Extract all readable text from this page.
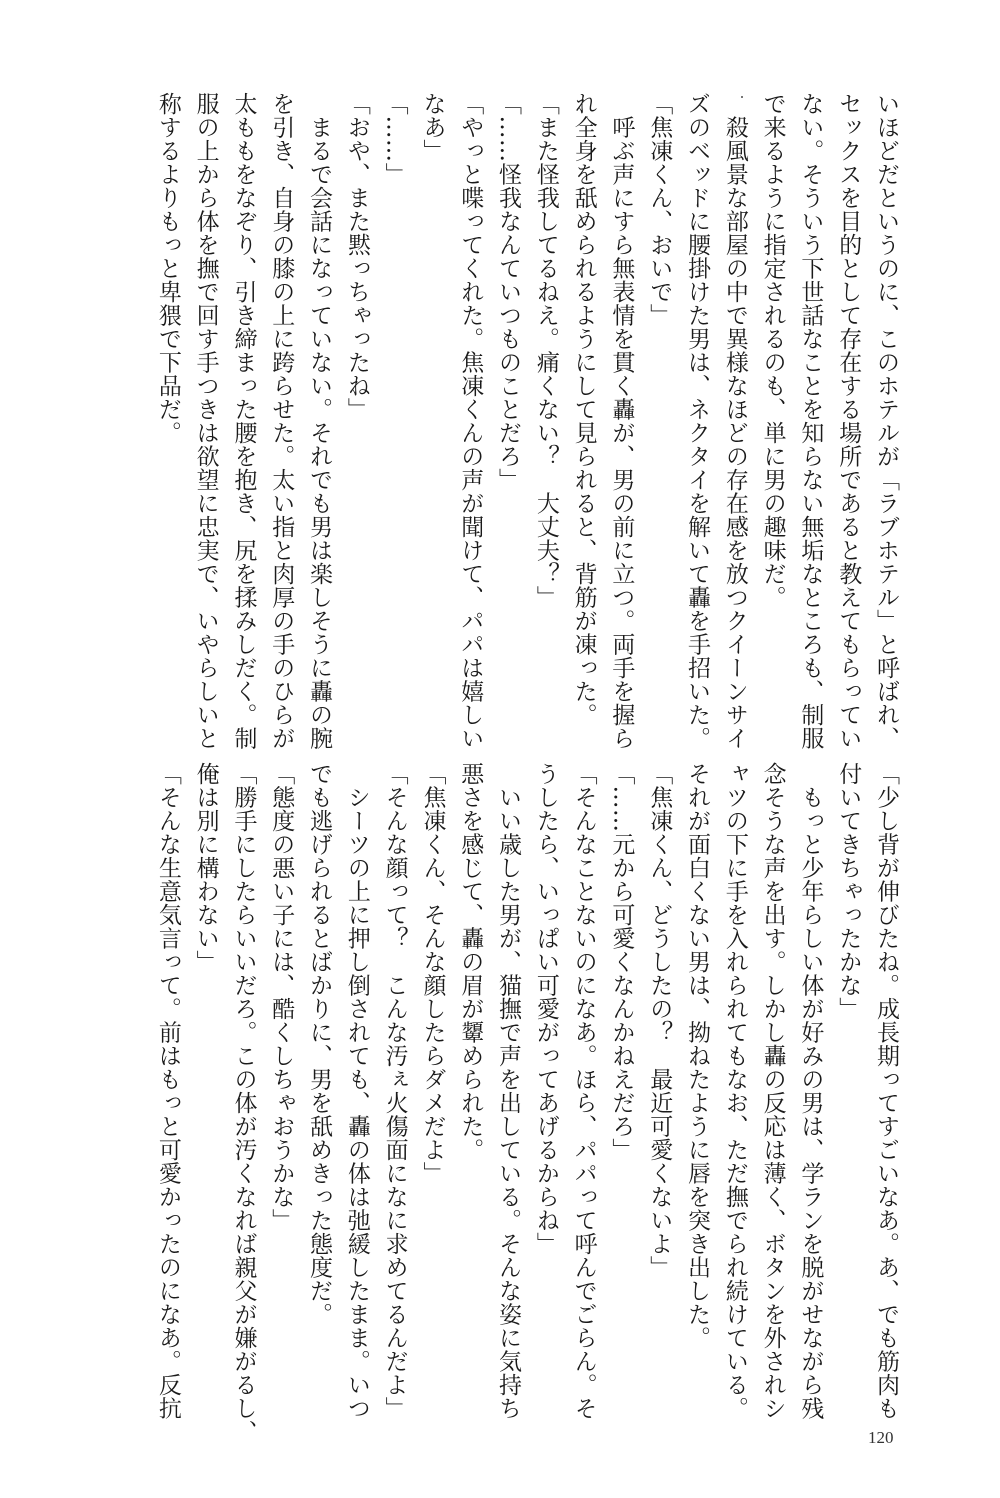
いほどだというのに、このホテルが「ラブホテル」と呼ばれ、
セックスを目的として存在する場所であると教えてもらってい
ない。そういう下世話なことを知らない無垢なところも、制服
で来るように指定されるのも、単に男の趣味だ。
　殺風景な部屋の中で異様なほどの存在感を放つクイーンサイ
ズのベッドに腰掛けた男は、ネクタイを解いて轟を手招いた。
「焦凍くん、おいで」
　呼ぶ声にすら無表情を貫く轟が、男の前に立つ。両手を握ら
れ全身を舐められるようにして見られると、背筋が凍った。
「また怪我してるねえ。痛くない？　大丈夫？」
「……怪我なんていつものことだろ」
「やっと喋ってくれた。焦凍くんの声が聞けて、パパは嬉しい
なあ」
「……」
「おや、また黙っちゃったね」
　まるで会話になっていない。それでも男は楽しそうに轟の腕
を引き、自身の膝の上に跨らせた。太い指と肉厚の手のひらが
太ももをなぞり、引き締まった腰を抱き、尻を揉みしだく。制
服の上から体を撫で回す手つきは欲望に忠実で、いやらしいと
称するよりもっと卑猥で下品だ。
「少し背が伸びたね。成長期ってすごいなあ。あ、でも筋肉も
付いてきちゃったかな」
　もっと少年らしい体が好みの男は、学ランを脱がせながら残
念そうな声を出す。しかし轟の反応は薄く、ボタンを外されシ
ャツの下に手を入れられてもなお、ただ撫でられ続けている。
それが面白くない男は、拗ねたように唇を突き出した。
「焦凍くん、どうしたの？　最近可愛くないよ」
「……元から可愛くなんかねえだろ」
「そんなことないのになあ。ほら、パパって呼んでごらん。そ
うしたら、いっぱい可愛がってあげるからね」
　いい歳した男が、猫撫で声を出している。そんな姿に気持ち
悪さを感じて、轟の眉が顰められた。
「焦凍くん、そんな顔したらダメだよ」
「そんな顔って？　こんな汚ぇ火傷面になに求めてるんだよ」
　シーツの上に押し倒されても、轟の体は弛緩したまま。いつ
でも逃げられるとばかりに、男を舐めきった態度だ。
「態度の悪い子には、酷くしちゃおうかな」
「勝手にしたらいいだろ。この体が汚くなれば親父が嫌がるし、
俺は別に構わない」
「そんな生意気言って。前はもっと可愛かったのになあ。反抗
120
